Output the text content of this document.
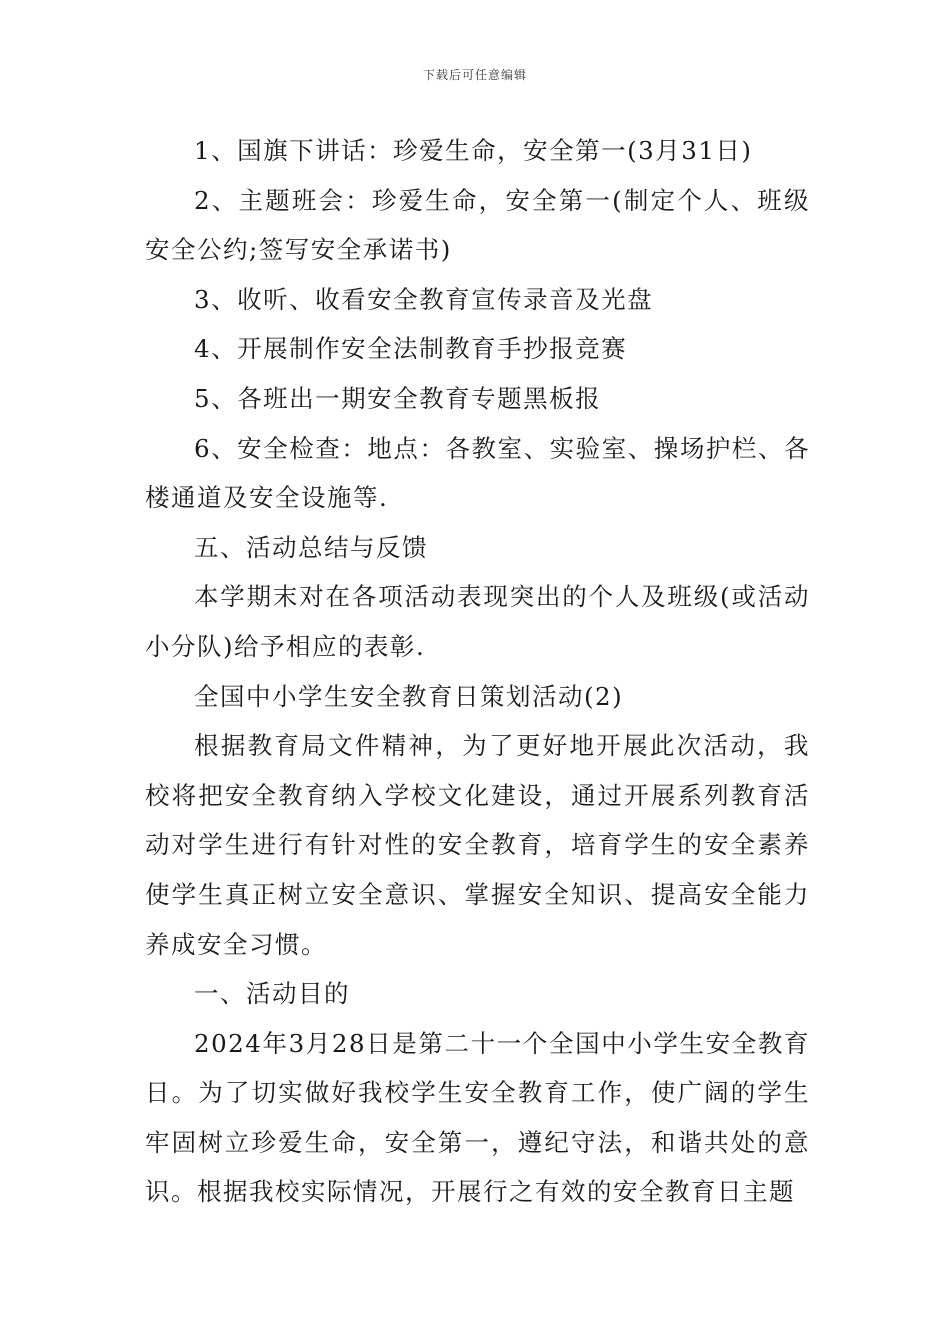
下载后可任意编辑

1、国旗下讲话：珍爱生命，安全第一(3月31日)

2、主题班会：珍爱生命，安全第一(制定个人、班级安全公约;签写安全承诺书)

3、收听、收看安全教育宣传录音及光盘

4、开展制作安全法制教育手抄报竞赛

5、各班出一期安全教育专题黑板报

6、安全检查：地点：各教室、实验室、操场护栏、各楼通道及安全设施等.

五、活动总结与反馈

本学期末对在各项活动表现突出的个人及班级(或活动小分队)给予相应的表彰.

全国中小学生安全教育日策划活动(2)

根据教育局文件精神，为了更好地开展此次活动，我校将把安全教育纳入学校文化建设，通过开展系列教育活动对学生进行有针对性的安全教育，培育学生的安全素养使学生真正树立安全意识、掌握安全知识、提高安全能力养成安全习惯。

一、活动目的

2024年3月28日是第二十一个全国中小学生安全教育日。为了切实做好我校学生安全教育工作，使广阔的学生牢固树立珍爱生命，安全第一，遵纪守法，和谐共处的意识。根据我校实际情况，开展行之有效的安全教育日主题
